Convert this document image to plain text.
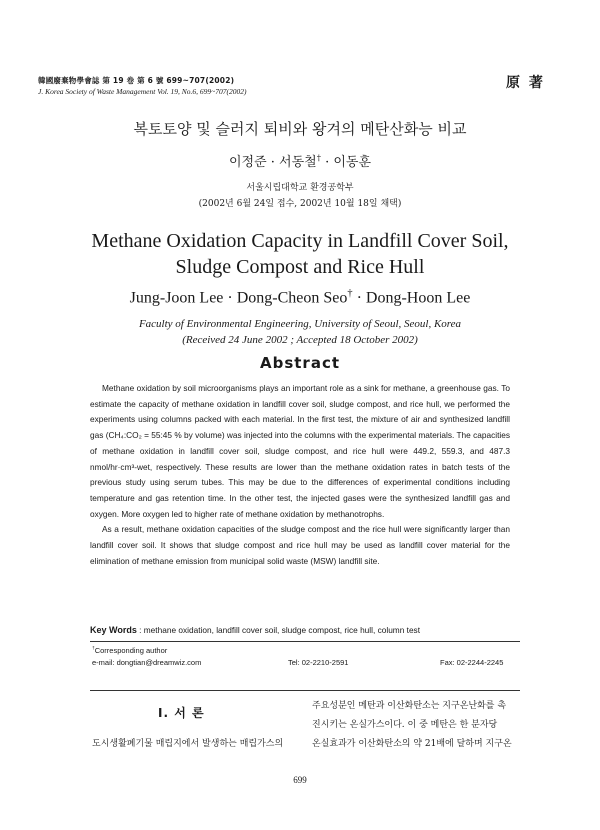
韓國廢棄物學會誌 第 19 卷 第 6 號 699~707(2002)
J. Korea Society of Waste Management Vol. 19, No.6, 699~707(2002)
原 著
복토토양 및 슬러지 퇴비와 왕겨의 메탄산화능 비교
이정준 · 서동철† · 이동훈
서울시립대학교 환경공학부
(2002년 6월 24일 접수, 2002년 10월 18일 채택)
Methane Oxidation Capacity in Landfill Cover Soil,
Sludge Compost and Rice Hull
Jung-Joon Lee · Dong-Cheon Seo† · Dong-Hoon Lee
Faculty of Environmental Engineering, University of Seoul, Seoul, Korea
(Received 24 June 2002 ; Accepted 18 October 2002)
Abstract

Methane oxidation by soil microorganisms plays an important role as a sink for methane, a greenhouse gas. To estimate the capacity of methane oxidation in landfill cover soil, sludge compost, and rice hull, we performed the experiments using columns packed with each material. In the first test, the mixture of air and synthesized landfill gas (CH₄:CO₂ = 55:45 % by volume) was injected into the columns with the experimental materials. The capacities of methane oxidation in landfill cover soil, sludge compost, and rice hull were 449.2, 559.3, and 487.3 nmol/hr·cm³-wet, respectively. These results are lower than the methane oxidation rates in batch tests of the previous study using serum tubes. This may be due to the differences of experimental conditions including temperature and gas retention time. In the other test, the injected gases were the synthesized landfill gas and oxygen. More oxygen led to higher rate of methane oxidation by methanotrophs.

As a result, methane oxidation capacities of the sludge compost and the rice hull were significantly larger than landfill cover soil. It shows that sludge compost and rice hull may be used as landfill cover material for the elimination of methane emission from municipal solid waste (MSW) landfill site.

Key Words : methane oxidation, landfill cover soil, sludge compost, rice hull, column test
†Corresponding author
e-mail: dongtian@dreamwiz.com	Tel: 02-2210-2591	Fax: 02-2244-2245
Ⅰ. 서 론
도시생활폐기물 매립지에서 발생하는 매립가스의
주요성분인 메탄과 이산화탄소는 지구온난화를 촉
진시키는 온실가스이다. 이 중 메탄은 한 분자당
온실효과가 이산화탄소의 약 21배에 달하며 지구온
699
